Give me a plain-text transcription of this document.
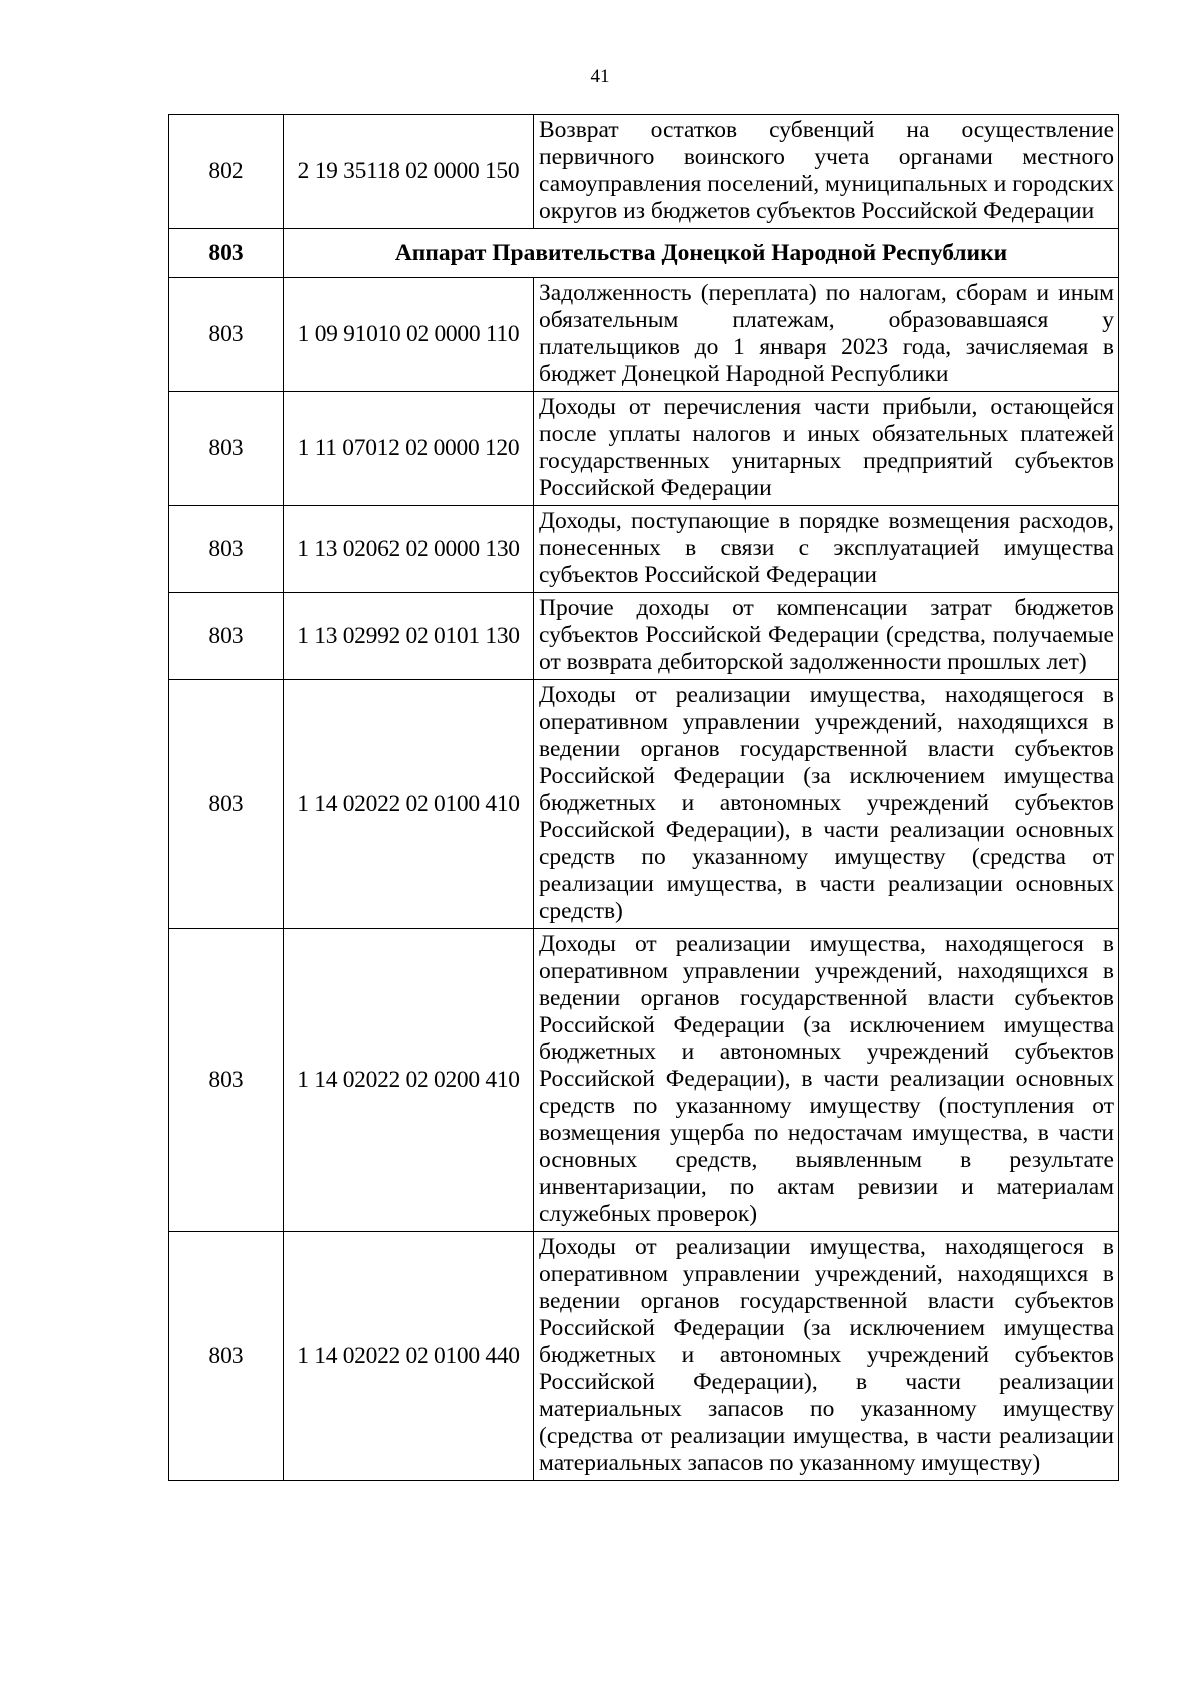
41
802	2 19 35118 02 0000 150	Возврат остатков субвенций на осуществление первичного воинского учета органами местного самоуправления поселений, муниципальных и городских округов из бюджетов субъектов Российской Федерации
803	Аппарат Правительства Донецкой Народной Республики	
803	1 09 91010 02 0000 110	Задолженность (переплата) по налогам, сборам и иным обязательным платежам, образовавшаяся у плательщиков до 1 января 2023 года, зачисляемая в бюджет Донецкой Народной Республики
803	1 11 07012 02 0000 120	Доходы от перечисления части прибыли, остающейся после уплаты налогов и иных обязательных платежей государственных унитарных предприятий субъектов Российской Федерации
803	1 13 02062 02 0000 130	Доходы, поступающие в порядке возмещения расходов, понесенных в связи с эксплуатацией имущества субъектов Российской Федерации
803	1 13 02992 02 0101 130	Прочие доходы от компенсации затрат бюджетов субъектов Российской Федерации (средства, получаемые от возврата дебиторской задолженности прошлых лет)
803	1 14 02022 02 0100 410	Доходы от реализации имущества, находящегося в оперативном управлении учреждений, находящихся в ведении органов государственной власти субъектов Российской Федерации (за исключением имущества бюджетных и автономных учреждений субъектов Российской Федерации), в части реализации основных средств по указанному имуществу (средства от реализации имущества, в части реализации основных средств)
803	1 14 02022 02 0200 410	Доходы от реализации имущества, находящегося в оперативном управлении учреждений, находящихся в ведении органов государственной власти субъектов Российской Федерации (за исключением имущества бюджетных и автономных учреждений субъектов Российской Федерации), в части реализации основных средств по указанному имуществу (поступления от возмещения ущерба по недостачам имущества, в части основных средств, выявленным в результате инвентаризации, по актам ревизии и материалам служебных проверок)
803	1 14 02022 02 0100 440	Доходы от реализации имущества, находящегося в оперативном управлении учреждений, находящихся в ведении органов государственной власти субъектов Российской Федерации (за исключением имущества бюджетных и автономных учреждений субъектов Российской Федерации), в части реализации материальных запасов по указанному имуществу (средства от реализации имущества, в части реализации материальных запасов по указанному имуществу)
